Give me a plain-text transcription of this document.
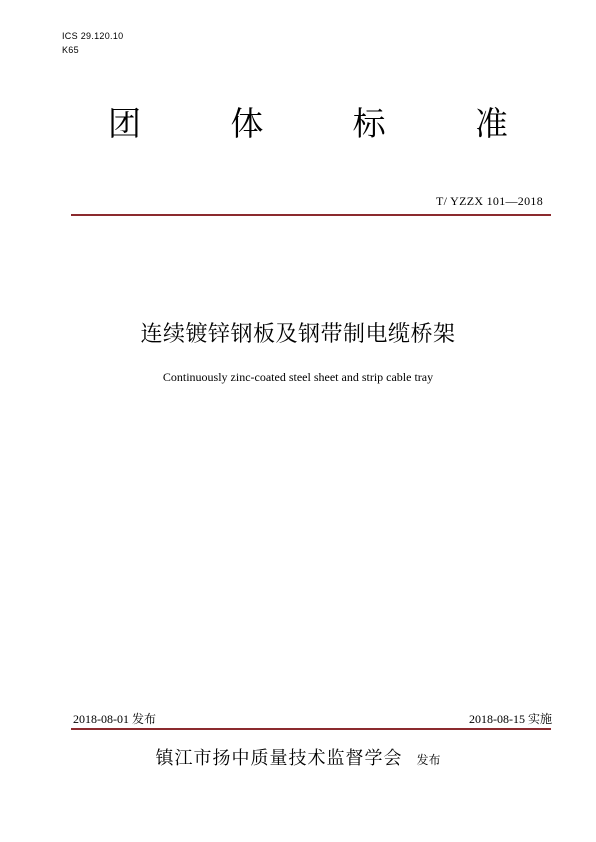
ICS 29.120.10
K65
团	体	标	准
T/ YZZX 101—2018
连续镀锌钢板及钢带制电缆桥架
Continuously zinc-coated steel sheet and strip cable tray
2018-08-01 发布	2018-08-15 实施
镇江市扬中质量技术监督学会 发布
